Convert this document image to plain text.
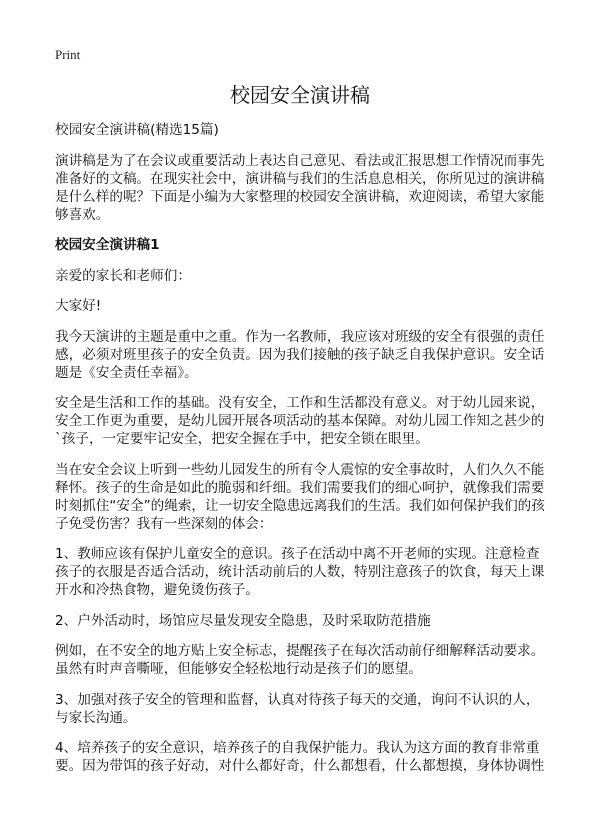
Print
校园安全演讲稿
校园安全演讲稿(精选15篇)
演讲稿是为了在会议或重要活动上表达自己意见、看法或汇报思想工作情况而事先
准备好的文稿。在现实社会中，演讲稿与我们的生活息息相关，你所见过的演讲稿
是什么样的呢？下面是小编为大家整理的校园安全演讲稿，欢迎阅读，希望大家能
够喜欢。
校园安全演讲稿1
亲爱的家长和老师们：
大家好!
我今天演讲的主题是重中之重。作为一名教师，我应该对班级的安全有很强的责任
感，必须对班里孩子的安全负责。因为我们接触的孩子缺乏自我保护意识。安全话
题是《安全责任幸福》。
安全是生活和工作的基础。没有安全，工作和生活都没有意义。对于幼儿园来说，
安全工作更为重要，是幼儿园开展各项活动的基本保障。对幼儿园工作知之甚少的
`孩子，一定要牢记安全，把安全握在手中，把安全锁在眼里。
当在安全会议上听到一些幼儿园发生的所有令人震惊的安全事故时，人们久久不能
释怀。孩子的生命是如此的脆弱和纤细。我们需要我们的细心呵护，就像我们需要
时刻抓住“安全”的绳索，让一切安全隐患远离我们的生活。我们如何保护我们的孩
子免受伤害？我有一些深刻的体会：
1、教师应该有保护儿童安全的意识。孩子在活动中离不开老师的实现。注意检查
孩子的衣服是否适合活动，统计活动前后的人数，特别注意孩子的饮食，每天上课
开水和冷热食物，避免烫伤孩子。
2、户外活动时，场馆应尽量发现安全隐患，及时采取防范措施
例如，在不安全的地方贴上安全标志，提醒孩子在每次活动前仔细解释活动要求。
虽然有时声音嘶哑，但能够安全轻松地行动是孩子们的愿望。
3、加强对孩子安全的管理和监督，认真对待孩子每天的交通，询问不认识的人，
与家长沟通。
4、培养孩子的安全意识，培养孩子的自我保护能力。我认为这方面的教育非常重
要。因为带饵的孩子好动，对什么都好奇，什么都想看，什么都想摸，身体协调性
